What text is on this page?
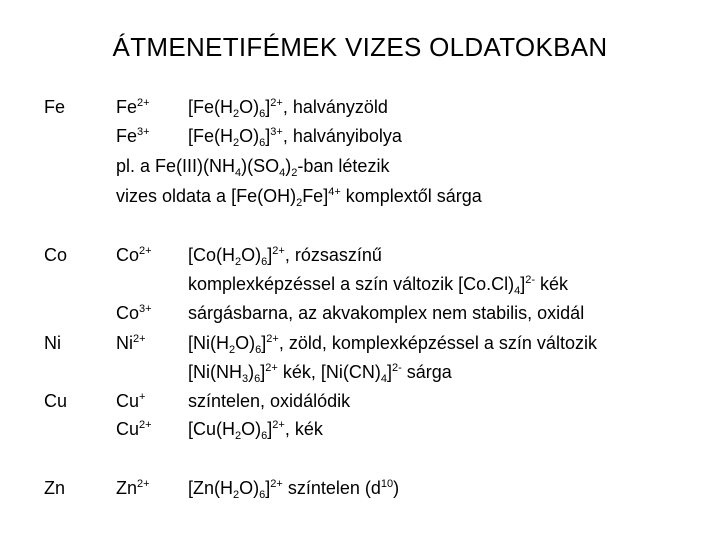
ÁTMENETIFÉMEK VIZES OLDATOKBAN
Fe	$Fe^{2+}$ $[Fe(H_2O)_6]^{2+}$, halványzöld
$Fe^{3+}$ $[Fe(H_2O)_6]^{3+}$, halványibolya
pl. a $Fe(III)(NH_4)(SO_4)_2$-ban létezik
vizes oldata a $[Fe(OH)_2Fe]^{4+}$ komplextől sárga
Co	$Co^{2+}$ $[Co(H_2O)_6]^{2+}$, rózsaszínű
komplexképzéssel a szín változik $[Co.Cl)_4]^{2-}$ kék
$Co^{3+}$ sárgásbarna, az akvakomplex nem stabilis, oxidál
Ni	$Ni^{2+}$ $[Ni(H_2O)_6]^{2+}$, zöld, komplexképzéssel a szín változik
$[Ni(NH_3)_6]^{2+}$ kék, $[Ni(CN)_4]^{2-}$ sárga
Cu	Cu+ színtelen, oxidálódik
$Cu^{2+}$ $[Cu(H_2O)_6]^{2+}$, kék
Zn	$Zn^{2+}$ $[Zn(H_2O)_6]^{2+}$ színtelen $(d^{10})$
